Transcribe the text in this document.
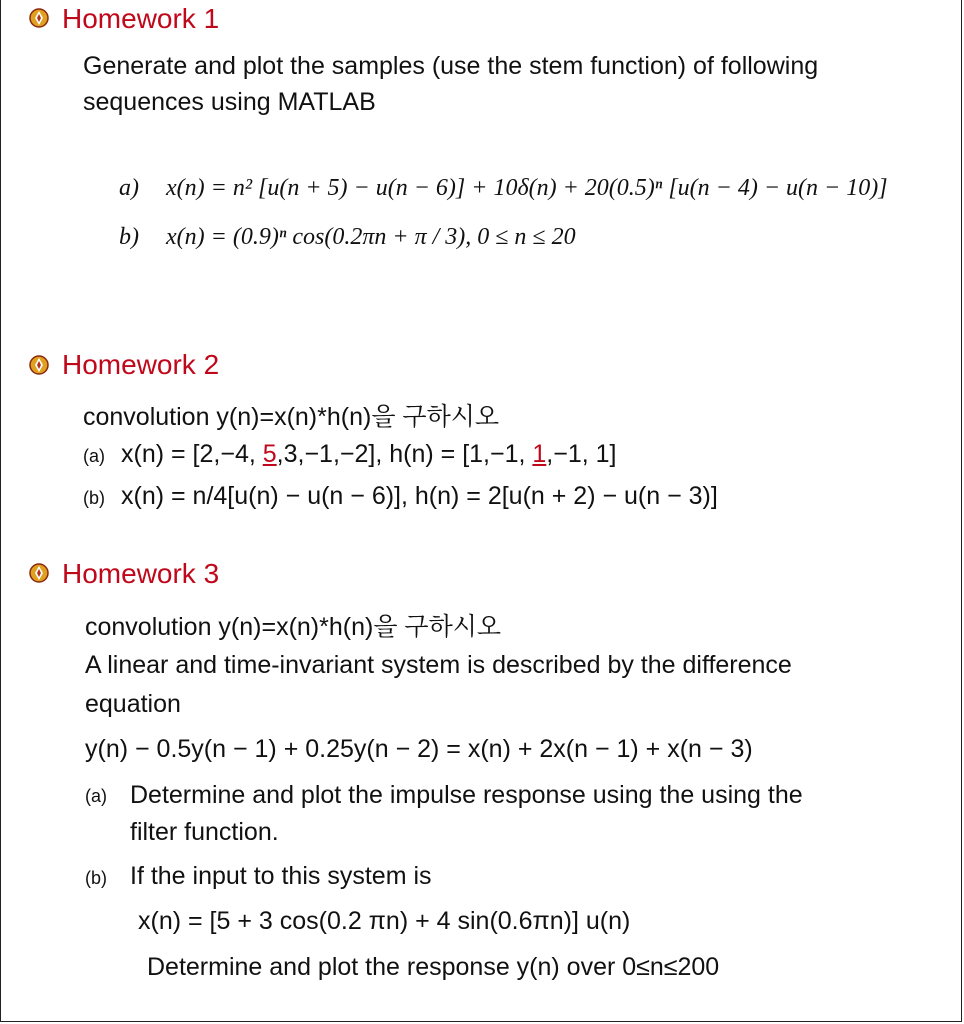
Homework 1
Generate and plot the samples (use the stem function) of following
sequences using MATLAB
a) x(n) = n² [u(n + 5) − u(n − 6)] + 10δ(n) + 20(0.5)ⁿ [u(n − 4) − u(n − 10)]
b) x(n) = (0.9)ⁿ cos(0.2πn + π / 3), 0 ≤ n ≤ 20
Homework 2
convolution y(n)=x(n)*h(n)을 구하시오
(a) x(n) = [2,−4, 5,3,−1,−2], h(n) = [1,−1, 1,−1, 1]
(b) x(n) = n/4[u(n) − u(n − 6)], h(n) = 2[u(n + 2) − u(n − 3)]
Homework 3
convolution y(n)=x(n)*h(n)을 구하시오
A linear and time-invariant system is described by the difference
equation
y(n) − 0.5y(n − 1) + 0.25y(n − 2) = x(n) + 2x(n − 1) + x(n − 3)
(a) Determine and plot the impulse response using the using the
filter function.
(b) If the input to this system is
x(n) = [5 + 3 cos(0.2 πn) + 4 sin(0.6πn)] u(n)
Determine and plot the response y(n) over 0≤n≤200
